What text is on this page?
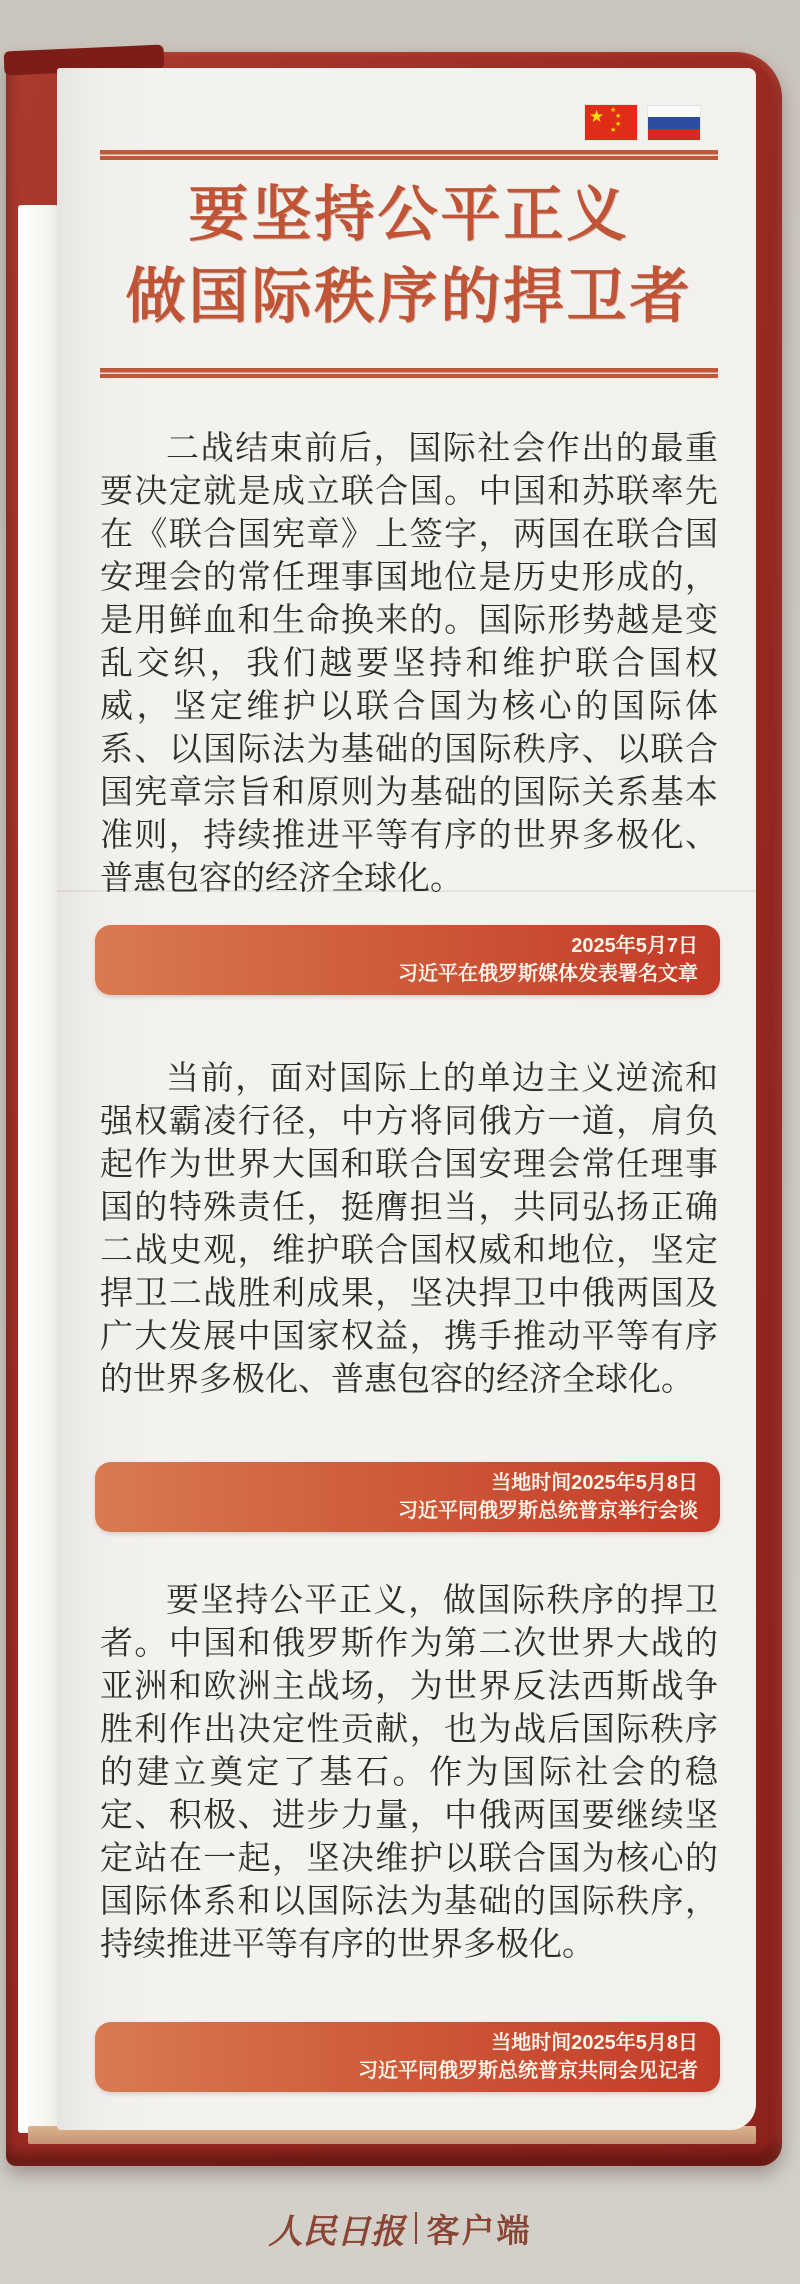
★
★
★
★
★
要坚持公平正义
做国际秩序的捍卫者
二战结束前后，国际社会作出的最重要决定就是成立联合国。中国和苏联率先在《联合国宪章》上签字，两国在联合国安理会的常任理事国地位是历史形成的，是用鲜血和生命换来的。国际形势越是变乱交织，我们越要坚持和维护联合国权威，坚定维护以联合国为核心的国际体系、以国际法为基础的国际秩序、以联合国宪章宗旨和原则为基础的国际关系基本准则，持续推进平等有序的世界多极化、普惠包容的经济全球化。
2025年5月7日
习近平在俄罗斯媒体发表署名文章
当前，面对国际上的单边主义逆流和强权霸凌行径，中方将同俄方一道，肩负起作为世界大国和联合国安理会常任理事国的特殊责任，挺膺担当，共同弘扬正确二战史观，维护联合国权威和地位，坚定捍卫二战胜利成果，坚决捍卫中俄两国及广大发展中国家权益，携手推动平等有序的世界多极化、普惠包容的经济全球化。
当地时间2025年5月8日
习近平同俄罗斯总统普京举行会谈
要坚持公平正义，做国际秩序的捍卫者。中国和俄罗斯作为第二次世界大战的亚洲和欧洲主战场，为世界反法西斯战争胜利作出决定性贡献，也为战后国际秩序的建立奠定了基石。作为国际社会的稳定、积极、进步力量，中俄两国要继续坚定站在一起，坚决维护以联合国为核心的国际体系和以国际法为基础的国际秩序，持续推进平等有序的世界多极化。
当地时间2025年5月8日
习近平同俄罗斯总统普京共同会见记者
人民日报 客户端
